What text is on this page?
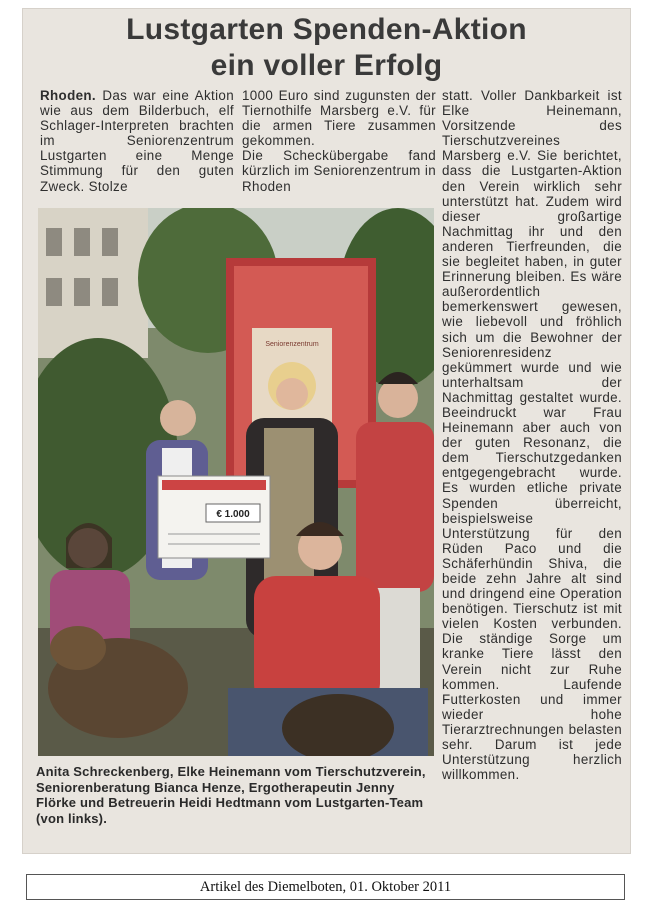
Lustgarten Spenden-Aktion
ein voller Erfolg
Rhoden. Das war eine Aktion wie aus dem Bilderbuch, elf Schlager-Interpreten brachten im Seniorenzentrum Lustgarten eine Menge Stimmung für den guten Zweck. Stolze
1000 Euro sind zugunsten der Tiernothilfe Marsberg e.V. für die armen Tiere zusammen gekommen.
Die Scheckübergabe fand kürzlich im Seniorenzentrum in Rhoden
statt. Voller Dankbarkeit ist Elke Heinemann, Vorsitzende des Tierschutzvereines Marsberg e.V. Sie berichtet, dass die Lustgarten-Aktion den Verein wirklich sehr unterstützt hat. Zudem wird dieser großartige Nachmittag ihr und den anderen Tierfreunden, die sie begleitet haben, in guter Erinnerung bleiben. Es wäre außerordentlich bemerkenswert gewesen, wie liebevoll und fröhlich sich um die Bewohner der Seniorenresidenz gekümmert wurde und wie unterhaltsam der Nachmittag gestaltet wurde. Beeindruckt war Frau Heinemann aber auch von der guten Resonanz, die dem Tierschutzgedanken entgegengebracht wurde. Es wurden etliche private Spenden überreicht, beispielsweise Unterstützung für den Rüden Paco und die Schäferhündin Shiva, die beide zehn Jahre alt sind und dringend eine Operation benötigen. Tierschutz ist mit vielen Kosten verbunden. Die ständige Sorge um kranke Tiere lässt den Verein nicht zur Ruhe kommen. Laufende Futterkosten und immer wieder hohe Tierarztrechnungen belasten sehr. Darum ist jede Unterstützung herzlich willkommen.
Seniorenzentrum
€ 1.000
Anita Schreckenberg, Elke Heinemann vom Tierschutzverein, Seniorenberatung Bianca Henze, Ergotherapeutin Jenny Flörke und Betreuerin Heidi Hedtmann vom Lustgarten-Team (von links).
Artikel des Diemelboten, 01. Oktober 2011
